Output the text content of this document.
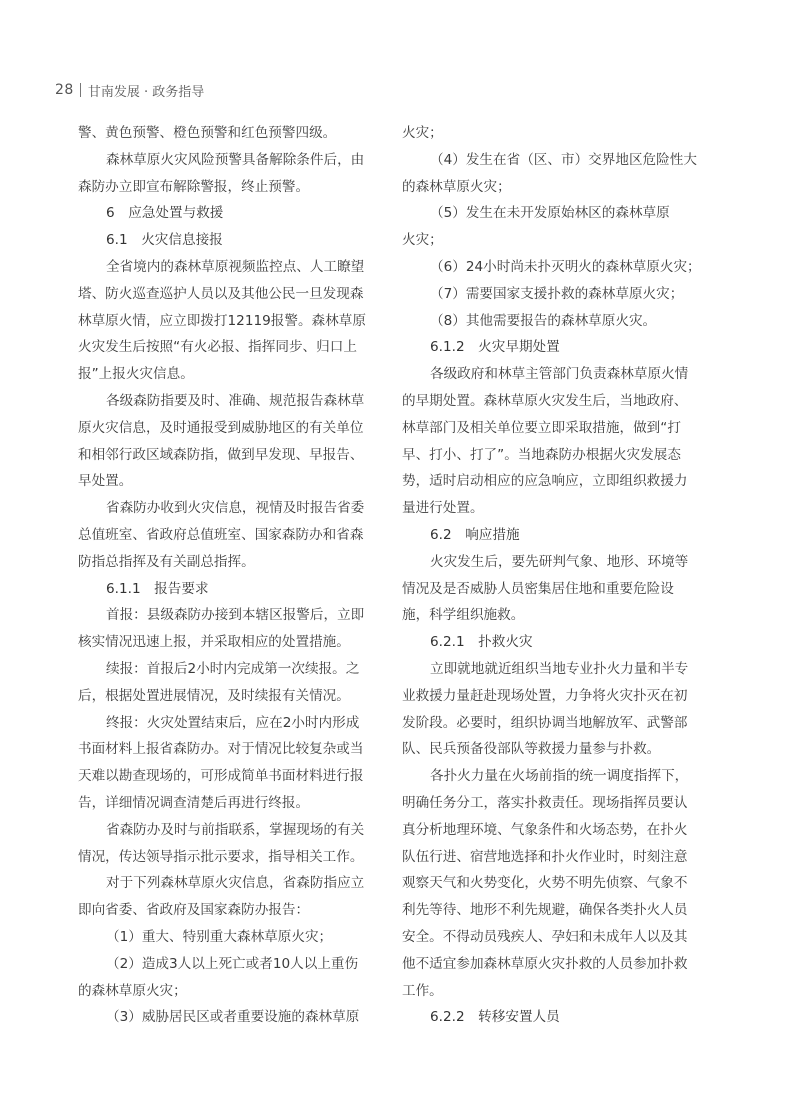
28 甘南发展 · 政务指导
警、黄色预警、橙色预警和红色预警四级。
森林草原火灾风险预警具备解除条件后，由
森防办立即宣布解除警报，终止预警。
6　应急处置与救援
6.1　火灾信息接报
全省境内的森林草原视频监控点、人工瞭望
塔、防火巡查巡护人员以及其他公民一旦发现森
林草原火情，应立即拨打12119报警。森林草原
火灾发生后按照“有火必报、指挥同步、归口上
报”上报火灾信息。
各级森防指要及时、准确、规范报告森林草
原火灾信息，及时通报受到威胁地区的有关单位
和相邻行政区域森防指，做到早发现、早报告、
早处置。
省森防办收到火灾信息，视情及时报告省委
总值班室、省政府总值班室、国家森防办和省森
防指总指挥及有关副总指挥。
6.1.1　报告要求
首报：县级森防办接到本辖区报警后，立即
核实情况迅速上报，并采取相应的处置措施。
续报：首报后2小时内完成第一次续报。之
后，根据处置进展情况，及时续报有关情况。
终报：火灾处置结束后，应在2小时内形成
书面材料上报省森防办。对于情况比较复杂或当
天难以勘查现场的，可形成简单书面材料进行报
告，详细情况调查清楚后再进行终报。
省森防办及时与前指联系，掌握现场的有关
情况，传达领导指示批示要求，指导相关工作。
对于下列森林草原火灾信息，省森防指应立
即向省委、省政府及国家森防办报告：
（1）重大、特别重大森林草原火灾；
（2）造成3人以上死亡或者10人以上重伤
的森林草原火灾；
（3）威胁居民区或者重要设施的森林草原
火灾；
（4）发生在省（区、市）交界地区危险性大
的森林草原火灾；
（5）发生在未开发原始林区的森林草原
火灾；
（6）24小时尚未扑灭明火的森林草原火灾；
（7）需要国家支援扑救的森林草原火灾；
（8）其他需要报告的森林草原火灾。
6.1.2　火灾早期处置
各级政府和林草主管部门负责森林草原火情
的早期处置。森林草原火灾发生后，当地政府、
林草部门及相关单位要立即采取措施，做到“打
早、打小、打了”。当地森防办根据火灾发展态
势，适时启动相应的应急响应，立即组织救援力
量进行处置。
6.2　响应措施
火灾发生后，要先研判气象、地形、环境等
情况及是否威胁人员密集居住地和重要危险设
施，科学组织施救。
6.2.1　扑救火灾
立即就地就近组织当地专业扑火力量和半专
业救援力量赶赴现场处置，力争将火灾扑灭在初
发阶段。必要时，组织协调当地解放军、武警部
队、民兵预备役部队等救援力量参与扑救。
各扑火力量在火场前指的统一调度指挥下，
明确任务分工，落实扑救责任。现场指挥员要认
真分析地理环境、气象条件和火场态势，在扑火
队伍行进、宿营地选择和扑火作业时，时刻注意
观察天气和火势变化，火势不明先侦察、气象不
利先等待、地形不利先规避，确保各类扑火人员
安全。不得动员残疾人、孕妇和未成年人以及其
他不适宜参加森林草原火灾扑救的人员参加扑救
工作。
6.2.2　转移安置人员
